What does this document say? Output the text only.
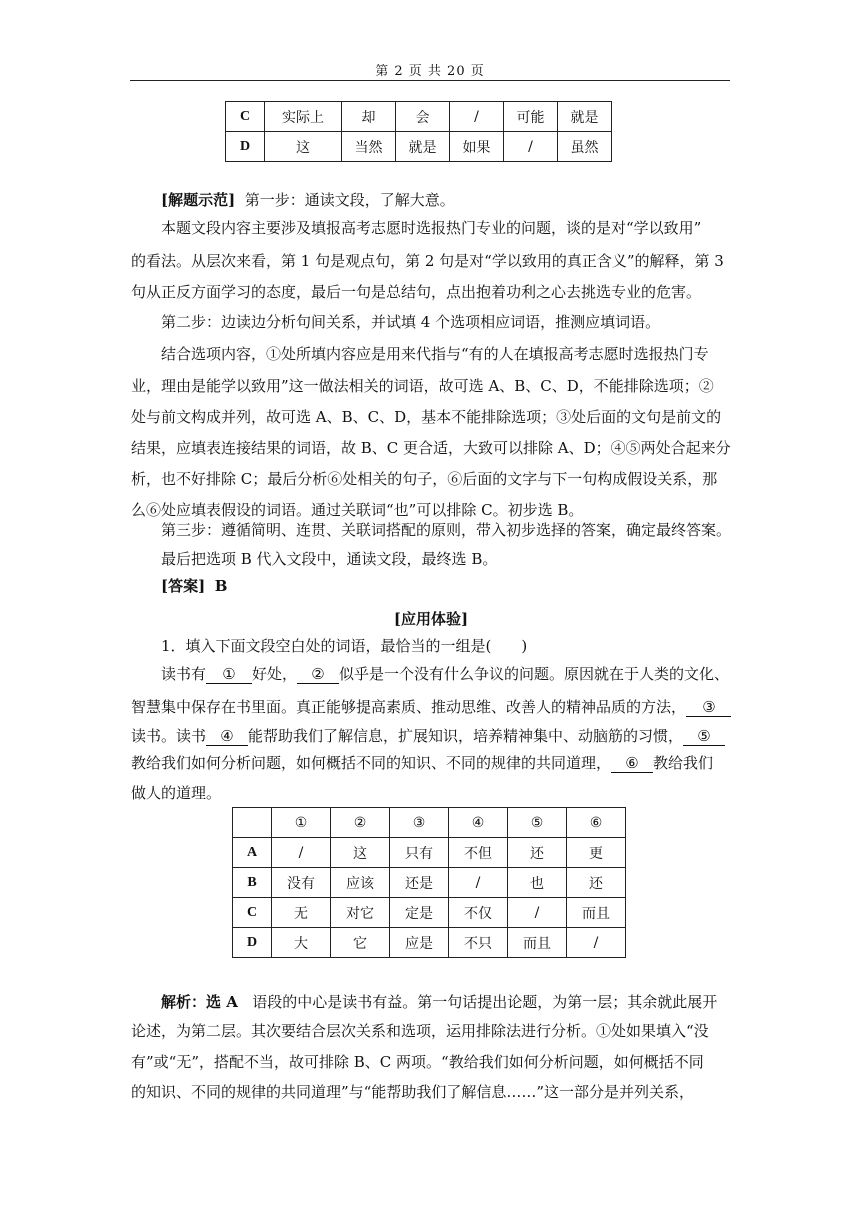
第 2 页 共 20 页
C	实际上	却	会	/	可能	就是
D	这	当然	就是	如果	/	虽然
[解题示范] 第一步：通读文段，了解大意。
本题文段内容主要涉及填报高考志愿时选报热门专业的问题，谈的是对“学以致用”
的看法。从层次来看，第 1 句是观点句，第 2 句是对“学以致用的真正含义”的解释，第 3
句从正反方面学习的态度，最后一句是总结句，点出抱着功利之心去挑选专业的危害。
第二步：边读边分析句间关系，并试填 4 个选项相应词语，推测应填词语。
结合选项内容，①处所填内容应是用来代指与“有的人在填报高考志愿时选报热门专
业，理由是能学以致用”这一做法相关的词语，故可选 A、B、C、D，不能排除选项；②
处与前文构成并列，故可选 A、B、C、D，基本不能排除选项；③处后面的文句是前文的
结果，应填表连接结果的词语，故 B、C 更合适，大致可以排除 A、D；④⑤两处合起来分
析，也不好排除 C；最后分析⑥处相关的句子，⑥后面的文字与下一句构成假设关系，那
么⑥处应填表假设的词语。通过关联词“也”可以排除 C。初步选 B。
第三步：遵循简明、连贯、关联词搭配的原则，带入初步选择的答案，确定最终答案。
最后把选项 B 代入文段中，通读文段，最终选 B。
[答案] B
[应用体验]
1．填入下面文段空白处的词语，最恰当的一组是(　　)
读书有 ① 好处， ② 似乎是一个没有什么争议的问题。原因就在于人类的文化、
智慧集中保存在书里面。真正能够提高素质、推动思维、改善人的精神品质的方法， ③
读书。读书 ④ 能帮助我们了解信息，扩展知识，培养精神集中、动脑筋的习惯， ⑤
教给我们如何分析问题，如何概括不同的知识、不同的规律的共同道理， ⑥ 教给我们
做人的道理。
	①	②	③	④	⑤	⑥
A	/	这	只有	不但	还	更
B	没有	应该	还是	/	也	还
C	无	对它	定是	不仅	/	而且
D	大	它	应是	不只	而且	/
解析：选 A 语段的中心是读书有益。第一句话提出论题，为第一层；其余就此展开
论述，为第二层。其次要结合层次关系和选项，运用排除法进行分析。①处如果填入“没
有”或“无”，搭配不当，故可排除 B、C 两项。“教给我们如何分析问题，如何概括不同
的知识、不同的规律的共同道理”与“能帮助我们了解信息……”这一部分是并列关系，
